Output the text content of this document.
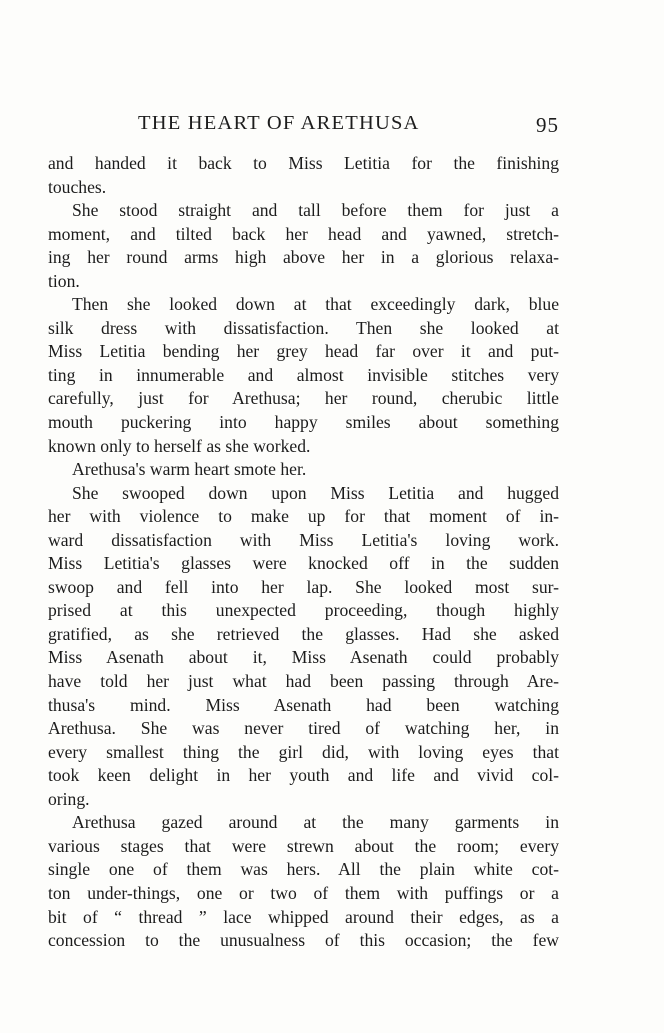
THE HEART OF ARETHUSA	95
and handed it back to Miss Letitia for the finishing
touches.
She stood straight and tall before them for just a
moment, and tilted back her head and yawned, stretch-
ing her round arms high above her in a glorious relaxa-
tion.
Then she looked down at that exceedingly dark, blue
silk dress with dissatisfaction. Then she looked at
Miss Letitia bending her grey head far over it and put-
ting in innumerable and almost invisible stitches very
carefully, just for Arethusa; her round, cherubic little
mouth puckering into happy smiles about something
known only to herself as she worked.
Arethusa's warm heart smote her.
She swooped down upon Miss Letitia and hugged
her with violence to make up for that moment of in-
ward dissatisfaction with Miss Letitia's loving work.
Miss Letitia's glasses were knocked off in the sudden
swoop and fell into her lap. She looked most sur-
prised at this unexpected proceeding, though highly
gratified, as she retrieved the glasses. Had she asked
Miss Asenath about it, Miss Asenath could probably
have told her just what had been passing through Are-
thusa's mind. Miss Asenath had been watching
Arethusa. She was never tired of watching her, in
every smallest thing the girl did, with loving eyes that
took keen delight in her youth and life and vivid col-
oring.
Arethusa gazed around at the many garments in
various stages that were strewn about the room; every
single one of them was hers. All the plain white cot-
ton under-things, one or two of them with puffings or a
bit of “ thread ” lace whipped around their edges, as a
concession to the unusualness of this occasion; the few
